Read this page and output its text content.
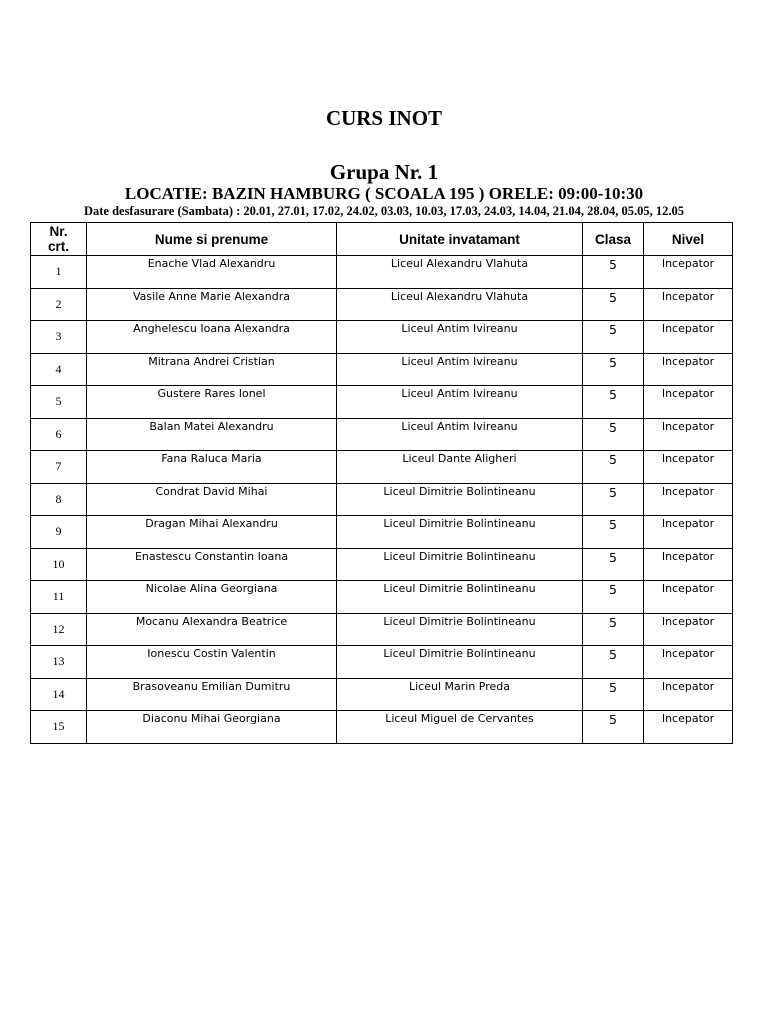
CURS INOT
Grupa Nr. 1
LOCATIE: BAZIN HAMBURG ( SCOALA 195 ) ORELE: 09:00-10:30
Date desfasurare (Sambata) : 20.01, 27.01, 17.02, 24.02, 03.03, 10.03, 17.03, 24.03, 14.04, 21.04, 28.04, 05.05, 12.05
Nr.
crt.	Nume si prenume	Unitate invatamant	Clasa	Nivel
1	Enache Vlad Alexandru	Liceul Alexandru Vlahuta	5	Incepator
2	Vasile Anne Marie Alexandra	Liceul Alexandru Vlahuta	5	Incepator
3	Anghelescu Ioana Alexandra	Liceul Antim Ivireanu	5	Incepator
4	Mitrana Andrei Cristian	Liceul Antim Ivireanu	5	Incepator
5	Gustere Rares Ionel	Liceul Antim Ivireanu	5	Incepator
6	Balan Matei Alexandru	Liceul Antim Ivireanu	5	Incepator
7	Fana Raluca Maria	Liceul Dante Aligheri	5	Incepator
8	Condrat David Mihai	Liceul Dimitrie Bolintineanu	5	Incepator
9	Dragan Mihai Alexandru	Liceul Dimitrie Bolintineanu	5	Incepator
10	Enastescu Constantin Ioana	Liceul Dimitrie Bolintineanu	5	Incepator
11	Nicolae Alina Georgiana	Liceul Dimitrie Bolintineanu	5	Incepator
12	Mocanu Alexandra Beatrice	Liceul Dimitrie Bolintineanu	5	Incepator
13	Ionescu Costin Valentin	Liceul Dimitrie Bolintineanu	5	Incepator
14	Brasoveanu Emilian Dumitru	Liceul Marin Preda	5	Incepator
15	Diaconu Mihai Georgiana	Liceul Miguel de Cervantes	5	Incepator
